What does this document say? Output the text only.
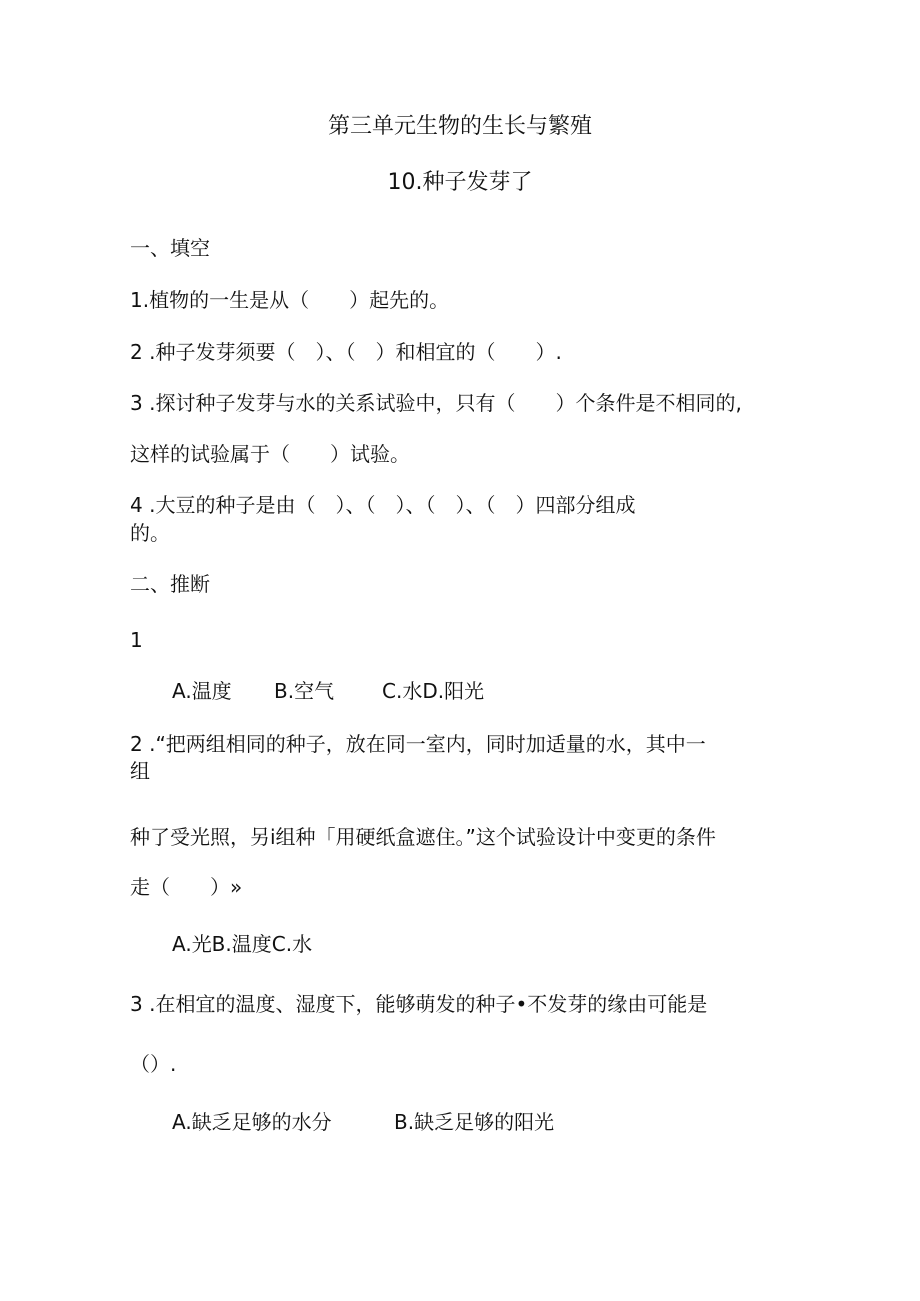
第三单元生物的生长与繁殖
10.种子发芽了

一、填空

1.植物的一生是从（　　）起先的。

2 .种子发芽须要（　）、（　）和相宜的（　　）.

3 .探讨种子发芽与水的关系试验中，只有（　　）个条件是不相同的,

这样的试验属于（　　）试验。

4 .大豆的种子是由（　）、（　）、（　）、（　）四部分组成

的。

二、推断

1

A.温度 B.空气 C.水D.阳光

2 .“把两组相同的种子，放在同一室内，同时加适量的水，其中一

组

种了受光照，另i组种「用硬纸盒遮住。”这个试验设计中变更的条件

走（　　）»

A.光B.温度C.水

3 .在相宜的温度、湿度下，能够萌发的种子•不发芽的缘由可能是

（）.

A.缺乏足够的水分	B.缺乏足够的阳光
